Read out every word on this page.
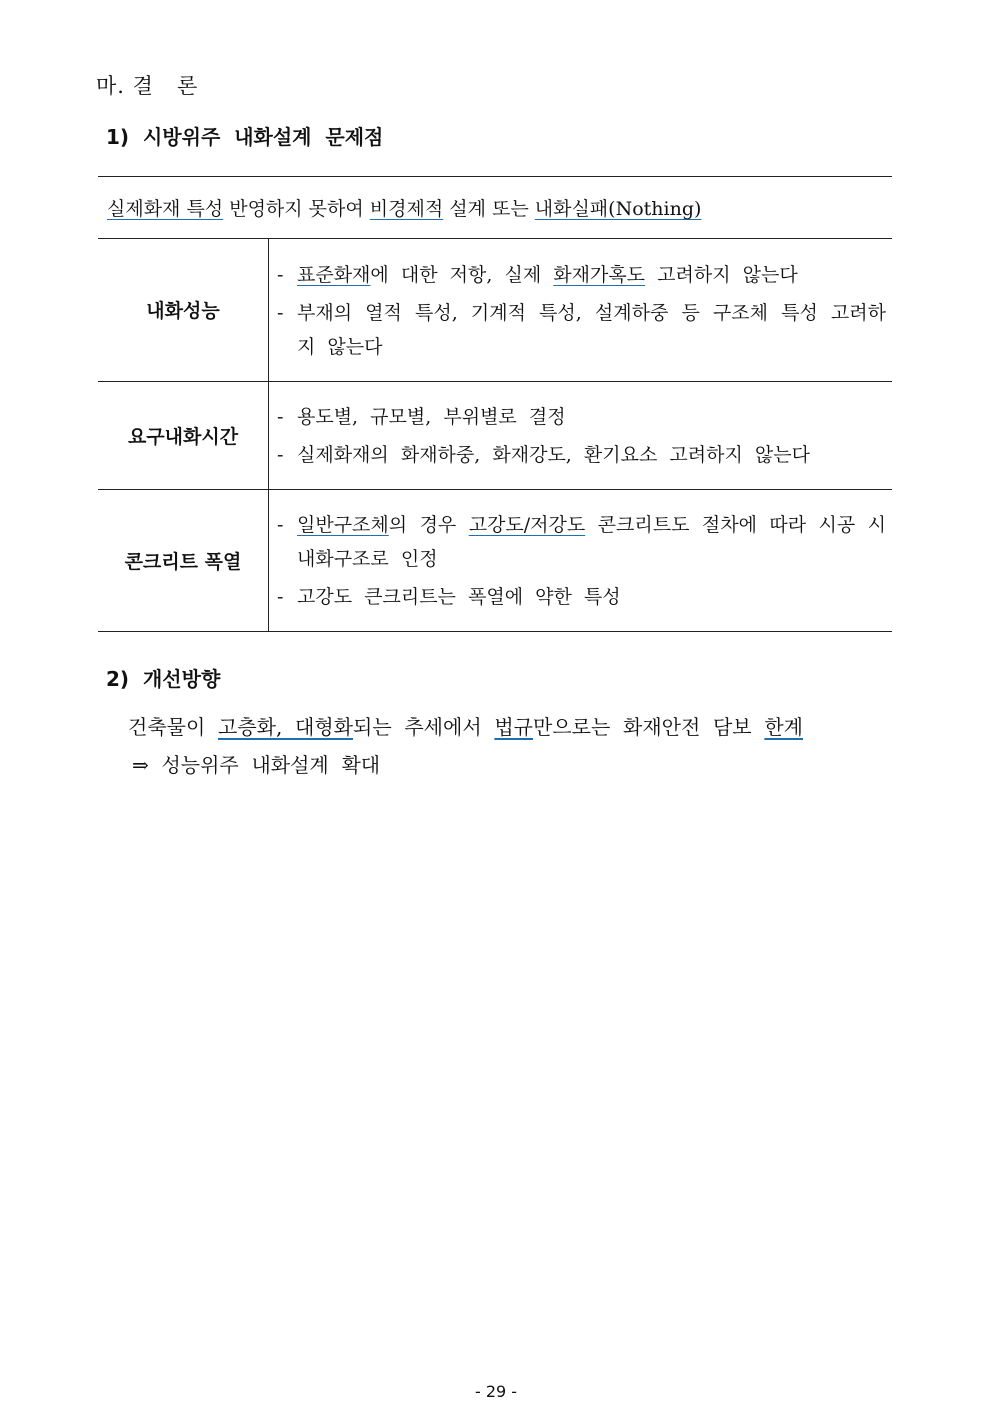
마. 결   론
1)  시방위주  내화설계  문제점
실제화재 특성 반영하지 못하여 비경제적 설계 또는 내화실패(Nothing)
내화성능	- 표준화재에  대한  저항,  실제  화재가혹도  고려하지  않는다
- 부재의  열적  특성,  기계적  특성,  설계하중  등  구조체  특성  고려하지  않는다

요구내화시간	- 용도별,  규모별,  부위별로  결정
- 실제화재의  화재하중,  화재강도,  환기요소  고려하지  않는다

콘크리트 폭열	- 일반구조체의  경우  고강도/저강도  콘크리트도  절차에  따라  시공  시  내화구조로  인정
- 고강도  큰크리트는  폭열에  약한  특성
2)  개선방향
건축물이  고층화,  대형화되는  추세에서  법규만으로는  화재안전  담보  한계
⇒  성능위주  내화설계  확대
- 29 -
